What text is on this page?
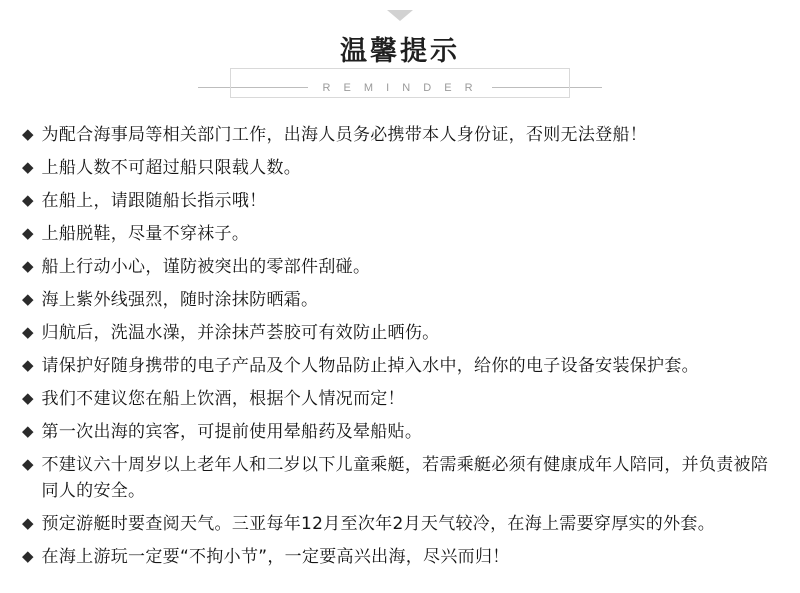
温馨提示
R E M I N D E R
◆ 为配合海事局等相关部门工作，出海人员务必携带本人身份证，否则无法登船！
◆ 上船人数不可超过船只限载人数。
◆ 在船上，请跟随船长指示哦！
◆ 上船脱鞋，尽量不穿袜子。
◆ 船上行动小心，谨防被突出的零部件刮碰。
◆ 海上紫外线强烈，随时涂抹防晒霜。
◆ 归航后，洗温水澡，并涂抹芦荟胶可有效防止晒伤。
◆ 请保护好随身携带的电子产品及个人物品防止掉入水中，给你的电子设备安装保护套。
◆ 我们不建议您在船上饮酒，根据个人情况而定！
◆ 第一次出海的宾客，可提前使用晕船药及晕船贴。
◆ 不建议六十周岁以上老年人和二岁以下儿童乘艇，若需乘艇必须有健康成年人陪同，并负责被陪同人的安全。
◆ 预定游艇时要查阅天气。三亚每年12月至次年2月天气较冷，在海上需要穿厚实的外套。
◆ 在海上游玩一定要“不拘小节”，一定要高兴出海，尽兴而归！
